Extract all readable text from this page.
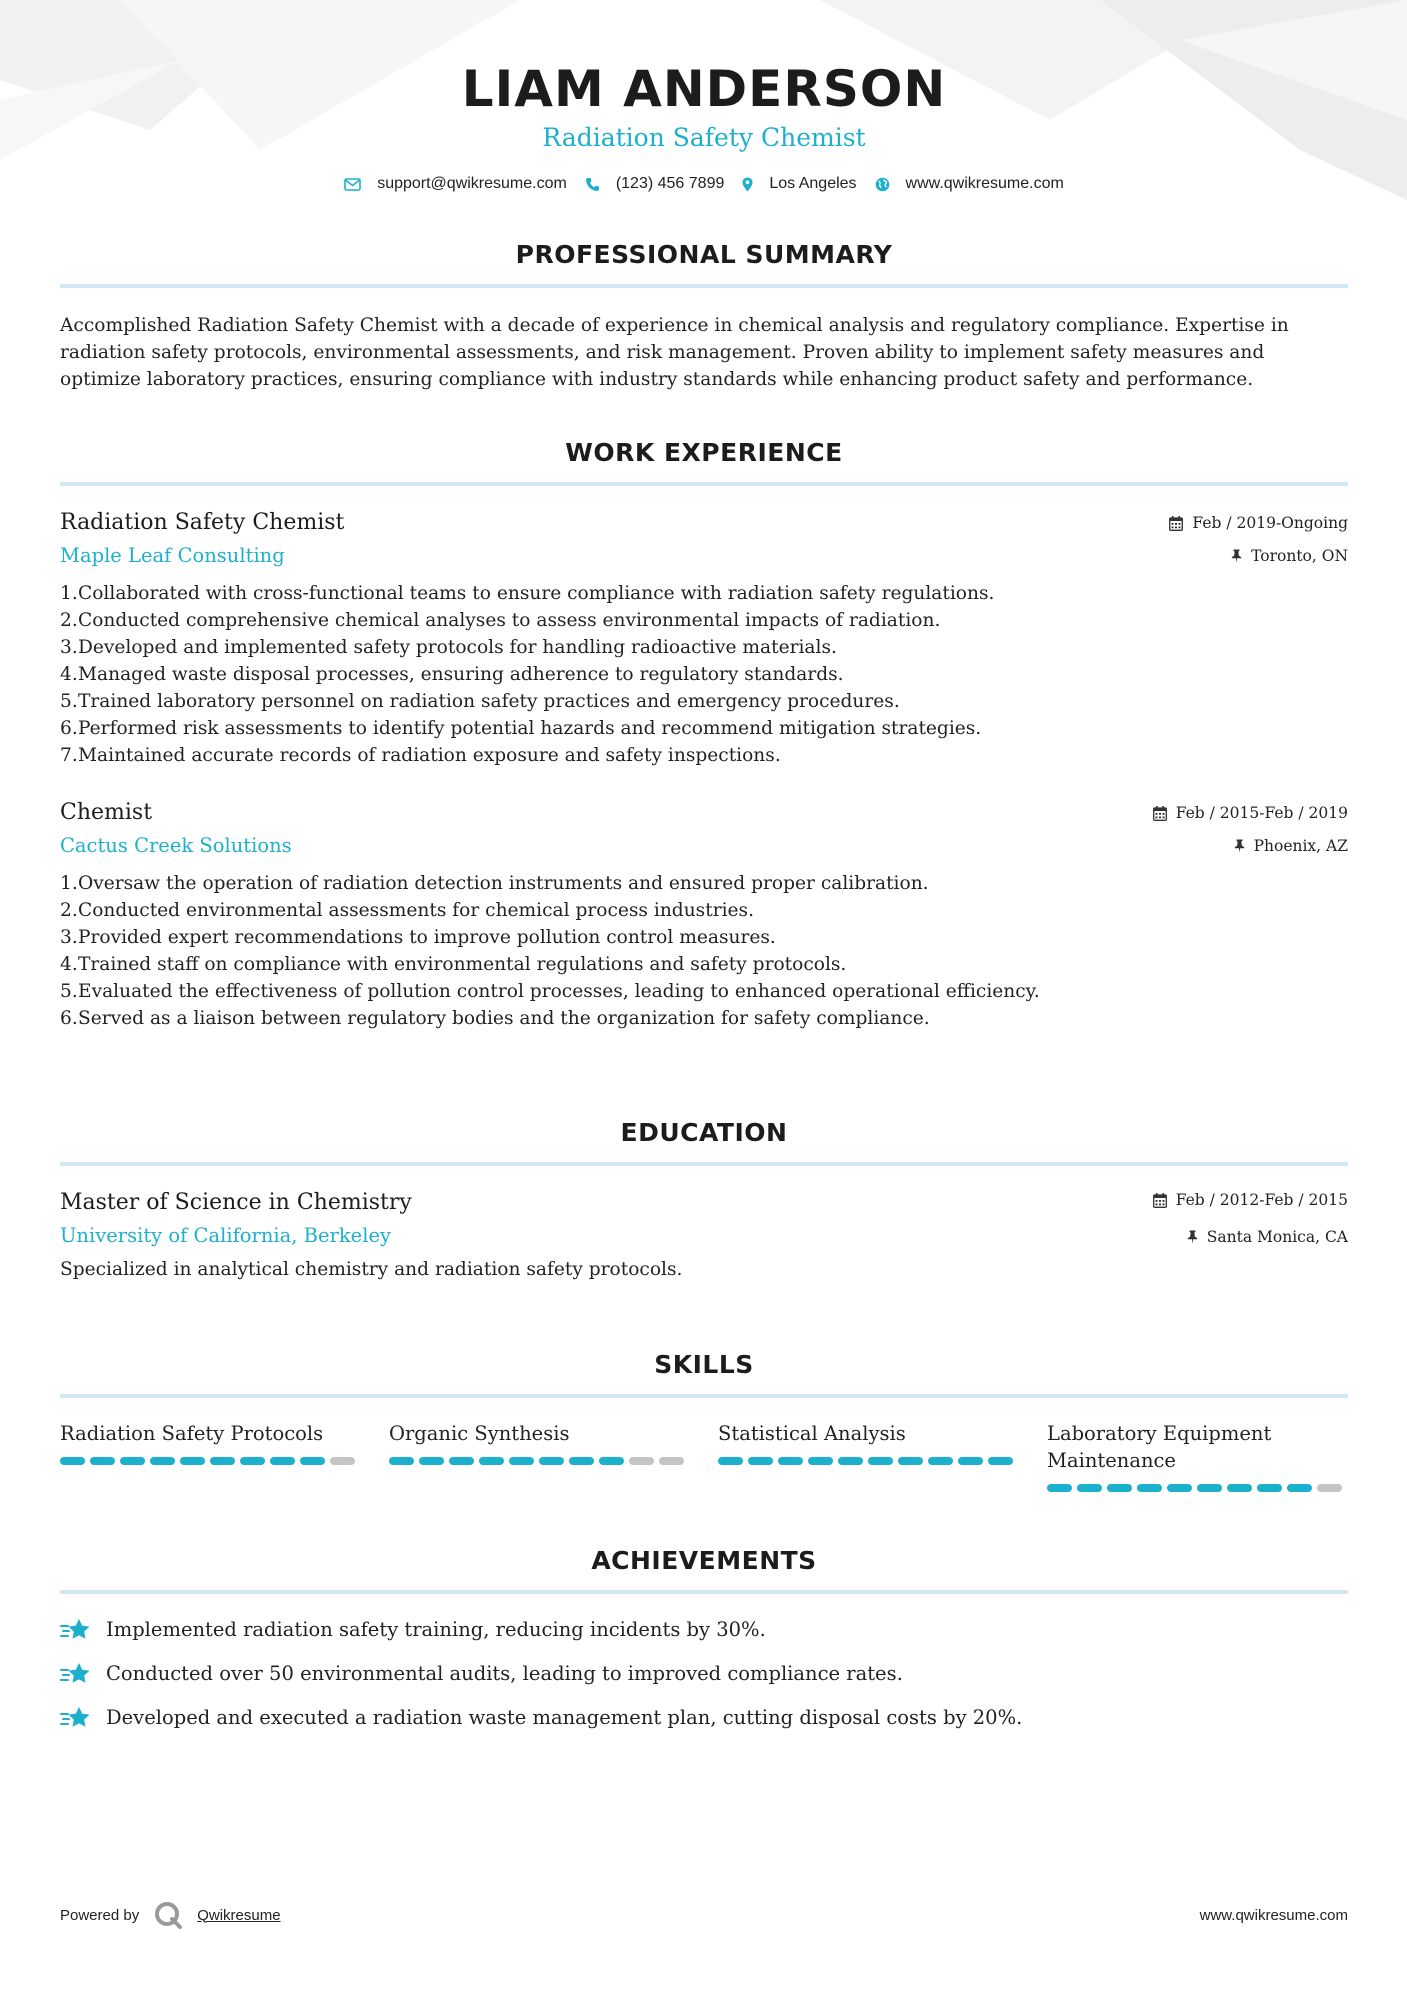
LIAM ANDERSON
Radiation Safety Chemist
support@qwikresume.com	(123) 456 7899	Los Angeles	www.qwikresume.com
PROFESSIONAL SUMMARY
Accomplished Radiation Safety Chemist with a decade of experience in chemical analysis and regulatory compliance. Expertise in radiation safety protocols, environmental assessments, and risk management. Proven ability to implement safety measures and optimize laboratory practices, ensuring compliance with industry standards while enhancing product safety and performance.
WORK EXPERIENCE
Radiation Safety Chemist
Maple Leaf Consulting
Feb / 2019-Ongoing
Toronto, ON
1. Collaborated with cross-functional teams to ensure compliance with radiation safety regulations.
2. Conducted comprehensive chemical analyses to assess environmental impacts of radiation.
3. Developed and implemented safety protocols for handling radioactive materials.
4. Managed waste disposal processes, ensuring adherence to regulatory standards.
5. Trained laboratory personnel on radiation safety practices and emergency procedures.
6. Performed risk assessments to identify potential hazards and recommend mitigation strategies.
7. Maintained accurate records of radiation exposure and safety inspections.
Chemist
Cactus Creek Solutions
Feb / 2015-Feb / 2019
Phoenix, AZ
1. Oversaw the operation of radiation detection instruments and ensured proper calibration.
2. Conducted environmental assessments for chemical process industries.
3. Provided expert recommendations to improve pollution control measures.
4. Trained staff on compliance with environmental regulations and safety protocols.
5. Evaluated the effectiveness of pollution control processes, leading to enhanced operational efficiency.
6. Served as a liaison between regulatory bodies and the organization for safety compliance.
EDUCATION
Master of Science in Chemistry
University of California, Berkeley
Feb / 2012-Feb / 2015
Santa Monica, CA
Specialized in analytical chemistry and radiation safety protocols.
SKILLS
Radiation Safety Protocols	Organic Synthesis	Statistical Analysis	Laboratory Equipment Maintenance
ACHIEVEMENTS
Implemented radiation safety training, reducing incidents by 30%.
Conducted over 50 environmental audits, leading to improved compliance rates.
Developed and executed a radiation waste management plan, cutting disposal costs by 20%.
Powered by	Qwikresume	www.qwikresume.com
